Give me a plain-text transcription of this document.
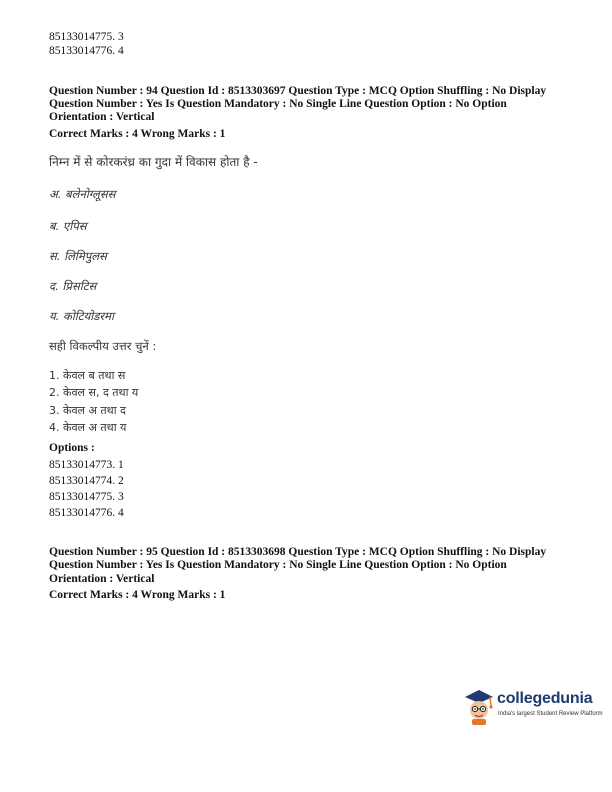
85133014775. 3
85133014776. 4
Question Number : 94 Question Id : 8513303697 Question Type : MCQ Option Shuffling : No Display
Question Number : Yes Is Question Mandatory : No Single Line Question Option : No Option
Orientation : Vertical
Correct Marks : 4 Wrong Marks : 1
निम्न में से कोरकरंध्र का गुदा में विकास होता है -
अ. बलेनोग्लूसस
ब. एपिस
स. लिमिपुलस
द. प्रिसटिस
य. कोटियोडरमा
सही विकल्पीय उत्तर चुनें :
1. केवल ब तथा स
2. केवल स, द तथा य
3. केवल अ तथा द
4. केवल अ तथा य
Options :
85133014773. 1
85133014774. 2
85133014775. 3
85133014776. 4
Question Number : 95 Question Id : 8513303698 Question Type : MCQ Option Shuffling : No Display
Question Number : Yes Is Question Mandatory : No Single Line Question Option : No Option
Orientation : Vertical
Correct Marks : 4 Wrong Marks : 1
collegedunia
India's largest Student Review Platform
